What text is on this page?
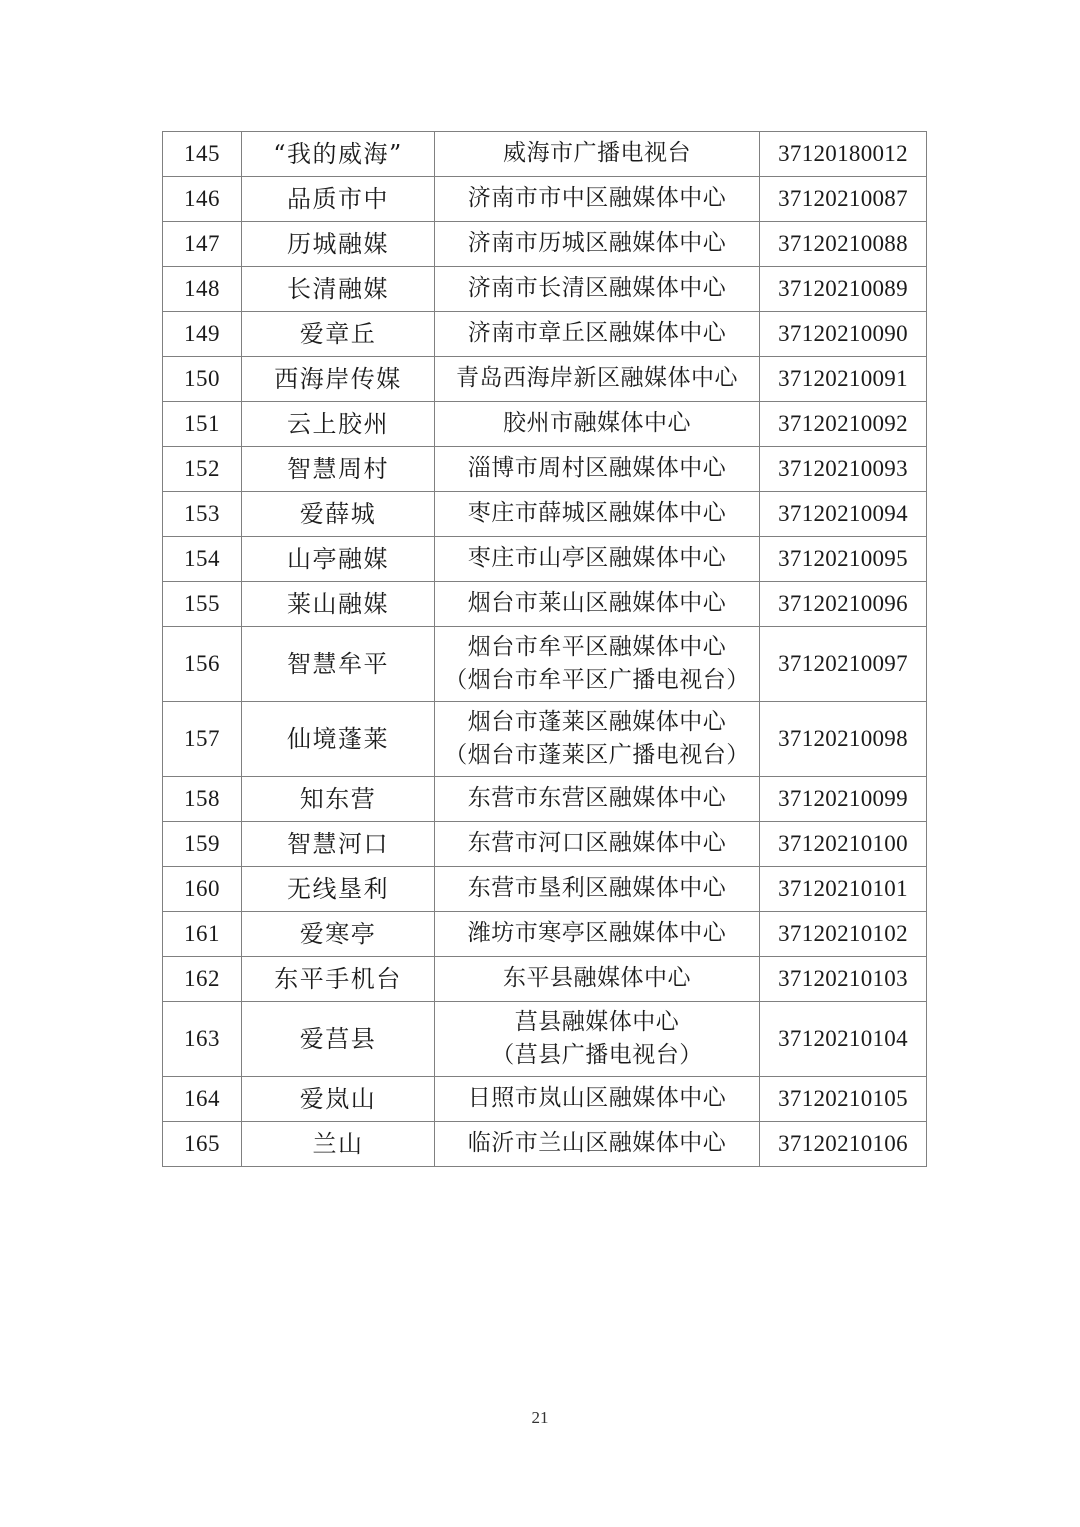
145	“我的威海”	威海市广播电视台	37120180012
146	品质市中	济南市市中区融媒体中心	37120210087
147	历城融媒	济南市历城区融媒体中心	37120210088
148	长清融媒	济南市长清区融媒体中心	37120210089
149	爱章丘	济南市章丘区融媒体中心	37120210090
150	西海岸传媒	青岛西海岸新区融媒体中心	37120210091
151	云上胶州	胶州市融媒体中心	37120210092
152	智慧周村	淄博市周村区融媒体中心	37120210093
153	爱薛城	枣庄市薛城区融媒体中心	37120210094
154	山亭融媒	枣庄市山亭区融媒体中心	37120210095
155	莱山融媒	烟台市莱山区融媒体中心	37120210096
156	智慧牟平	烟台市牟平区融媒体中心
（烟台市牟平区广播电视台）	37120210097
157	仙境蓬莱	烟台市蓬莱区融媒体中心
（烟台市蓬莱区广播电视台）	37120210098
158	知东营	东营市东营区融媒体中心	37120210099
159	智慧河口	东营市河口区融媒体中心	37120210100
160	无线垦利	东营市垦利区融媒体中心	37120210101
161	爱寒亭	潍坊市寒亭区融媒体中心	37120210102
162	东平手机台	东平县融媒体中心	37120210103
163	爱莒县	莒县融媒体中心
（莒县广播电视台）	37120210104
164	爱岚山	日照市岚山区融媒体中心	37120210105
165	兰山	临沂市兰山区融媒体中心	37120210106
21
